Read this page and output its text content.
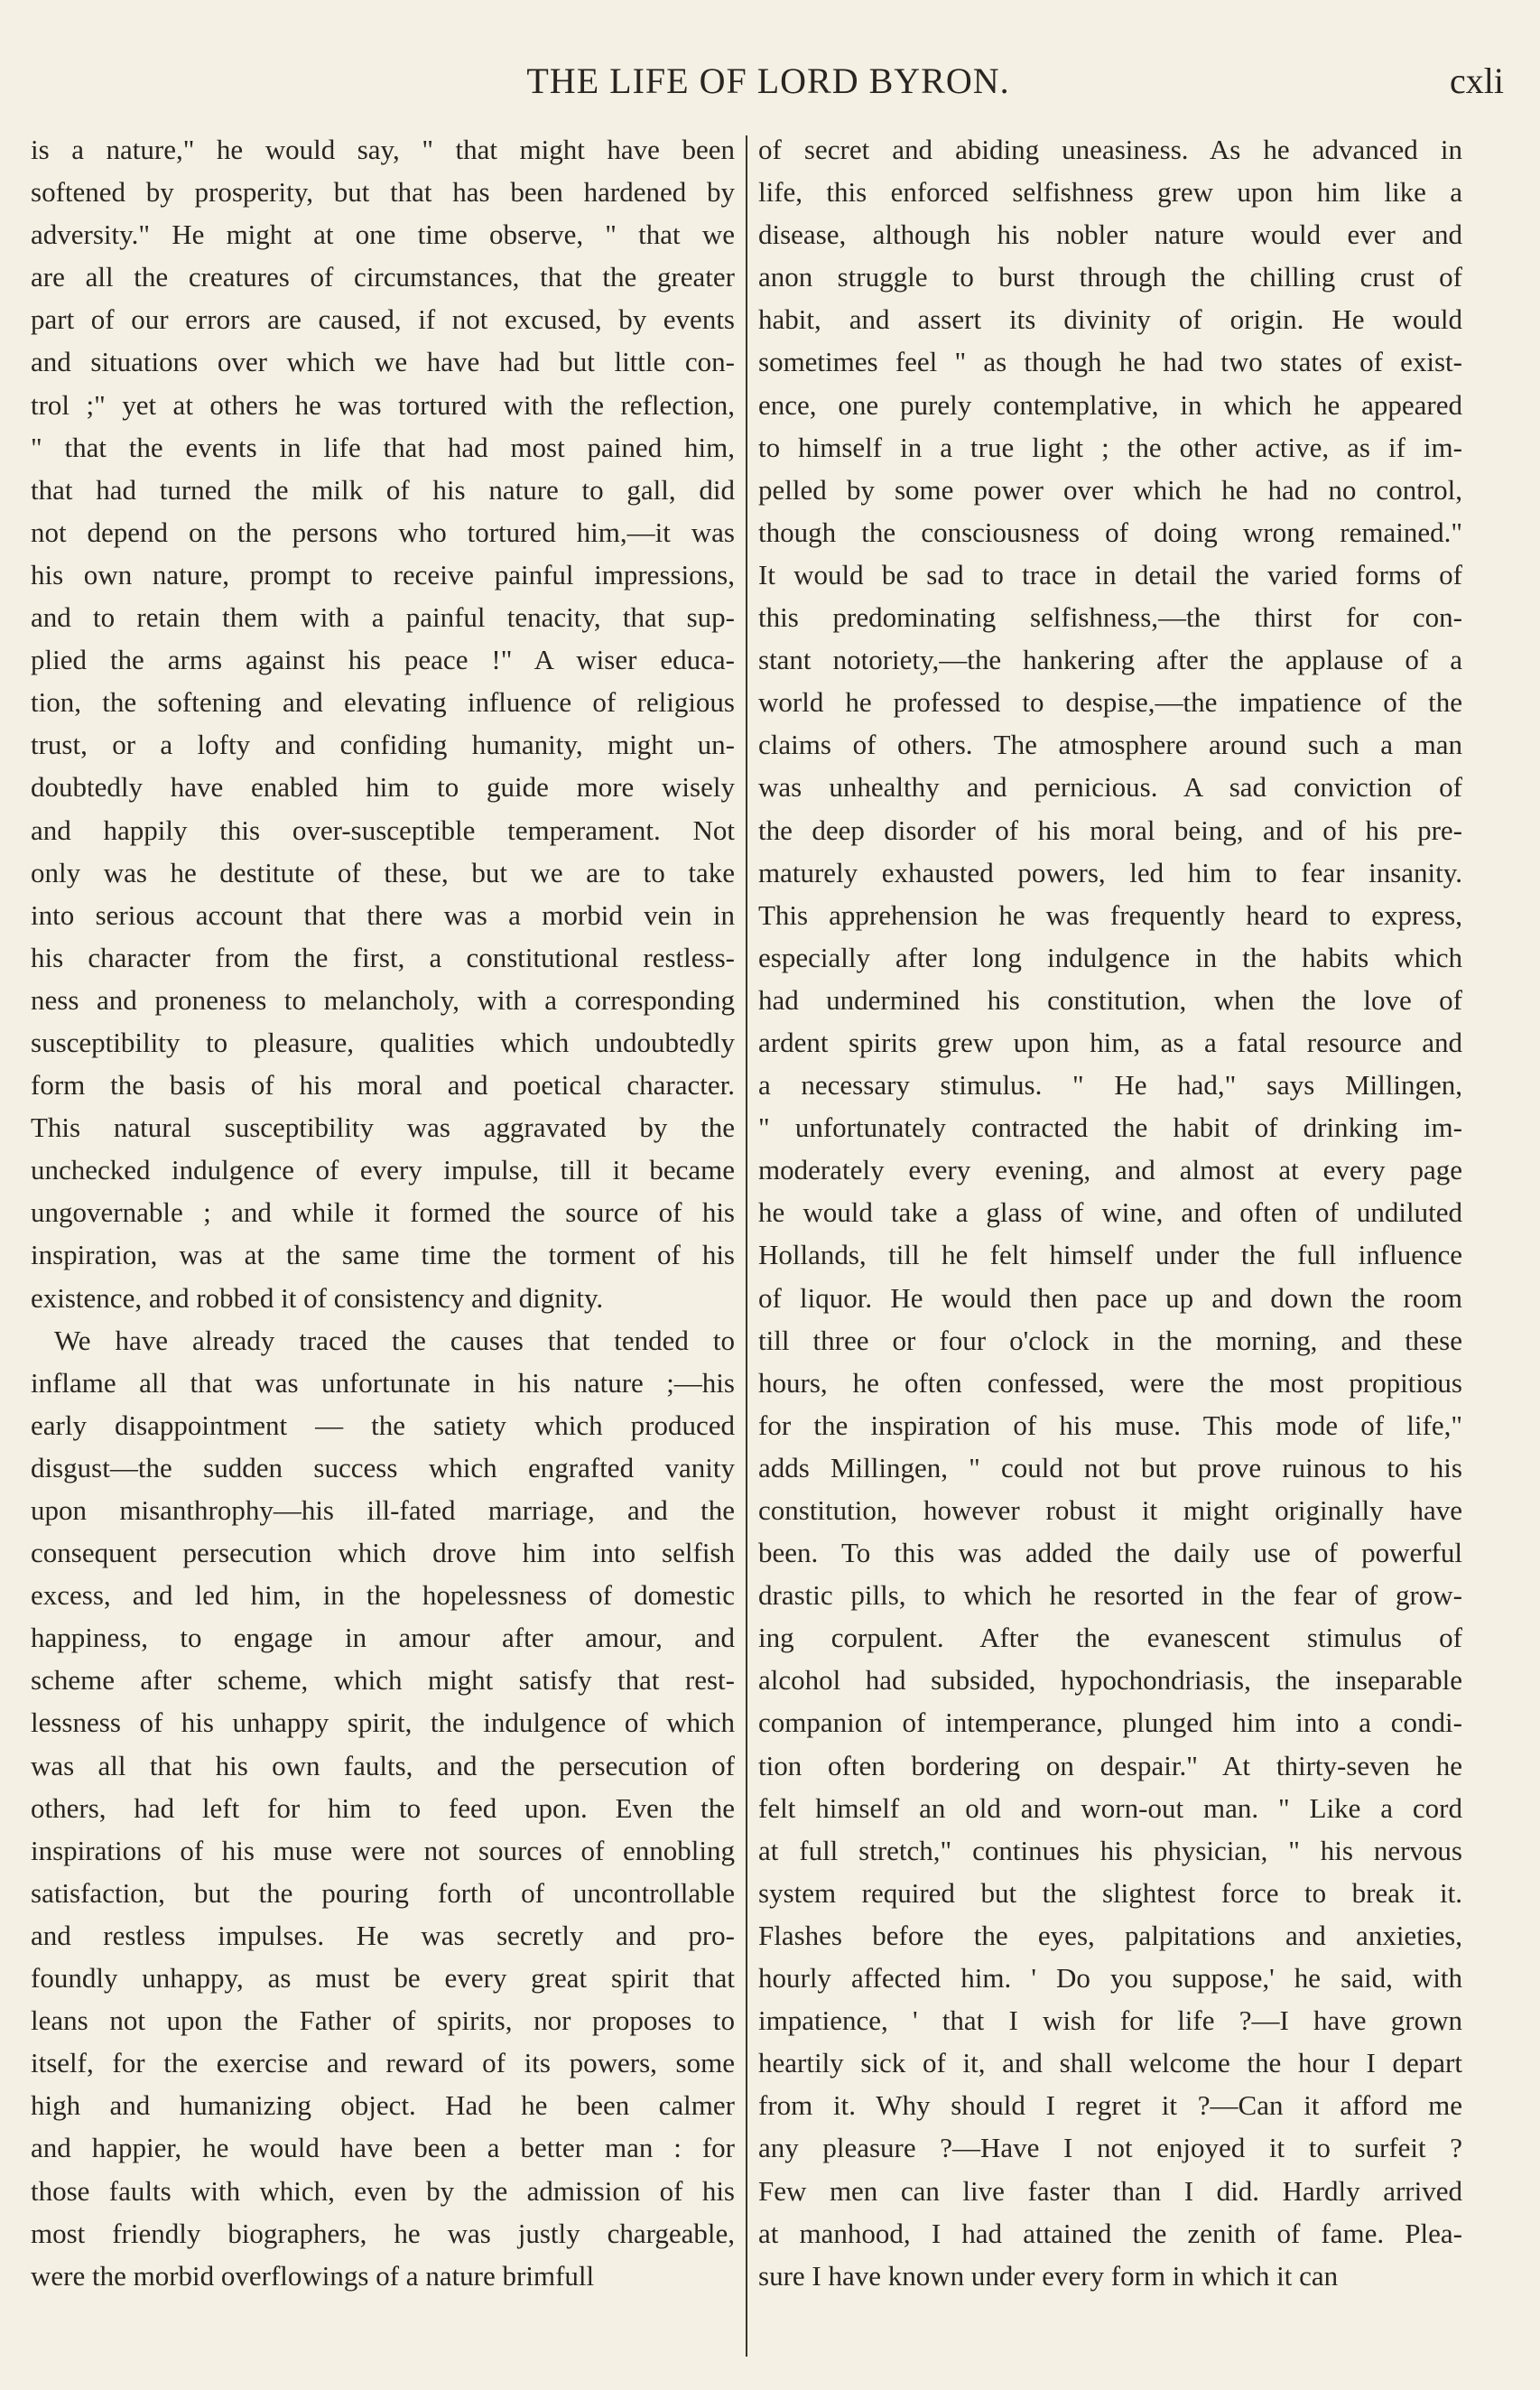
THE LIFE OF LORD BYRON.	cxli
is a nature," he would say, " that might have been
softened by prosperity, but that has been hardened by
adversity." He might at one time observe, " that we
are all the creatures of circumstances, that the greater
part of our errors are caused, if not excused, by events
and situations over which we have had but little con-
trol ;" yet at others he was tortured with the reflection,
" that the events in life that had most pained him,
that had turned the milk of his nature to gall, did
not depend on the persons who tortured him,—it was
his own nature, prompt to receive painful impressions,
and to retain them with a painful tenacity, that sup-
plied the arms against his peace !" A wiser educa-
tion, the softening and elevating influence of religious
trust, or a lofty and confiding humanity, might un-
doubtedly have enabled him to guide more wisely
and happily this over-susceptible temperament. Not
only was he destitute of these, but we are to take
into serious account that there was a morbid vein in
his character from the first, a constitutional restless-
ness and proneness to melancholy, with a corresponding
susceptibility to pleasure, qualities which undoubtedly
form the basis of his moral and poetical character.
This natural susceptibility was aggravated by the
unchecked indulgence of every impulse, till it became
ungovernable ; and while it formed the source of his
inspiration, was at the same time the torment of his
existence, and robbed it of consistency and dignity.
We have already traced the causes that tended to
inflame all that was unfortunate in his nature ;—his
early disappointment — the satiety which produced
disgust—the sudden success which engrafted vanity
upon misanthrophy—his ill-fated marriage, and the
consequent persecution which drove him into selfish
excess, and led him, in the hopelessness of domestic
happiness, to engage in amour after amour, and
scheme after scheme, which might satisfy that rest-
lessness of his unhappy spirit, the indulgence of which
was all that his own faults, and the persecution of
others, had left for him to feed upon. Even the
inspirations of his muse were not sources of ennobling
satisfaction, but the pouring forth of uncontrollable
and restless impulses. He was secretly and pro-
foundly unhappy, as must be every great spirit that
leans not upon the Father of spirits, nor proposes to
itself, for the exercise and reward of its powers, some
high and humanizing object. Had he been calmer
and happier, he would have been a better man : for
those faults with which, even by the admission of his
most friendly biographers, he was justly chargeable,
were the morbid overflowings of a nature brimfull
of secret and abiding uneasiness. As he advanced in
life, this enforced selfishness grew upon him like a
disease, although his nobler nature would ever and
anon struggle to burst through the chilling crust of
habit, and assert its divinity of origin. He would
sometimes feel " as though he had two states of exist-
ence, one purely contemplative, in which he appeared
to himself in a true light ; the other active, as if im-
pelled by some power over which he had no control,
though the consciousness of doing wrong remained."
It would be sad to trace in detail the varied forms of
this predominating selfishness,—the thirst for con-
stant notoriety,—the hankering after the applause of a
world he professed to despise,—the impatience of the
claims of others. The atmosphere around such a man
was unhealthy and pernicious. A sad conviction of
the deep disorder of his moral being, and of his pre-
maturely exhausted powers, led him to fear insanity.
This apprehension he was frequently heard to express,
especially after long indulgence in the habits which
had undermined his constitution, when the love of
ardent spirits grew upon him, as a fatal resource and
a necessary stimulus. " He had," says Millingen,
" unfortunately contracted the habit of drinking im-
moderately every evening, and almost at every page
he would take a glass of wine, and often of undiluted
Hollands, till he felt himself under the full influence
of liquor. He would then pace up and down the room
till three or four o'clock in the morning, and these
hours, he often confessed, were the most propitious
for the inspiration of his muse. This mode of life,"
adds Millingen, " could not but prove ruinous to his
constitution, however robust it might originally have
been. To this was added the daily use of powerful
drastic pills, to which he resorted in the fear of grow-
ing corpulent. After the evanescent stimulus of
alcohol had subsided, hypochondriasis, the inseparable
companion of intemperance, plunged him into a condi-
tion often bordering on despair." At thirty-seven he
felt himself an old and worn-out man. " Like a cord
at full stretch," continues his physician, " his nervous
system required but the slightest force to break it.
Flashes before the eyes, palpitations and anxieties,
hourly affected him. ' Do you suppose,' he said, with
impatience, ' that I wish for life ?—I have grown
heartily sick of it, and shall welcome the hour I depart
from it. Why should I regret it ?—Can it afford me
any pleasure ?—Have I not enjoyed it to surfeit ?
Few men can live faster than I did. Hardly arrived
at manhood, I had attained the zenith of fame. Plea-
sure I have known under every form in which it can
